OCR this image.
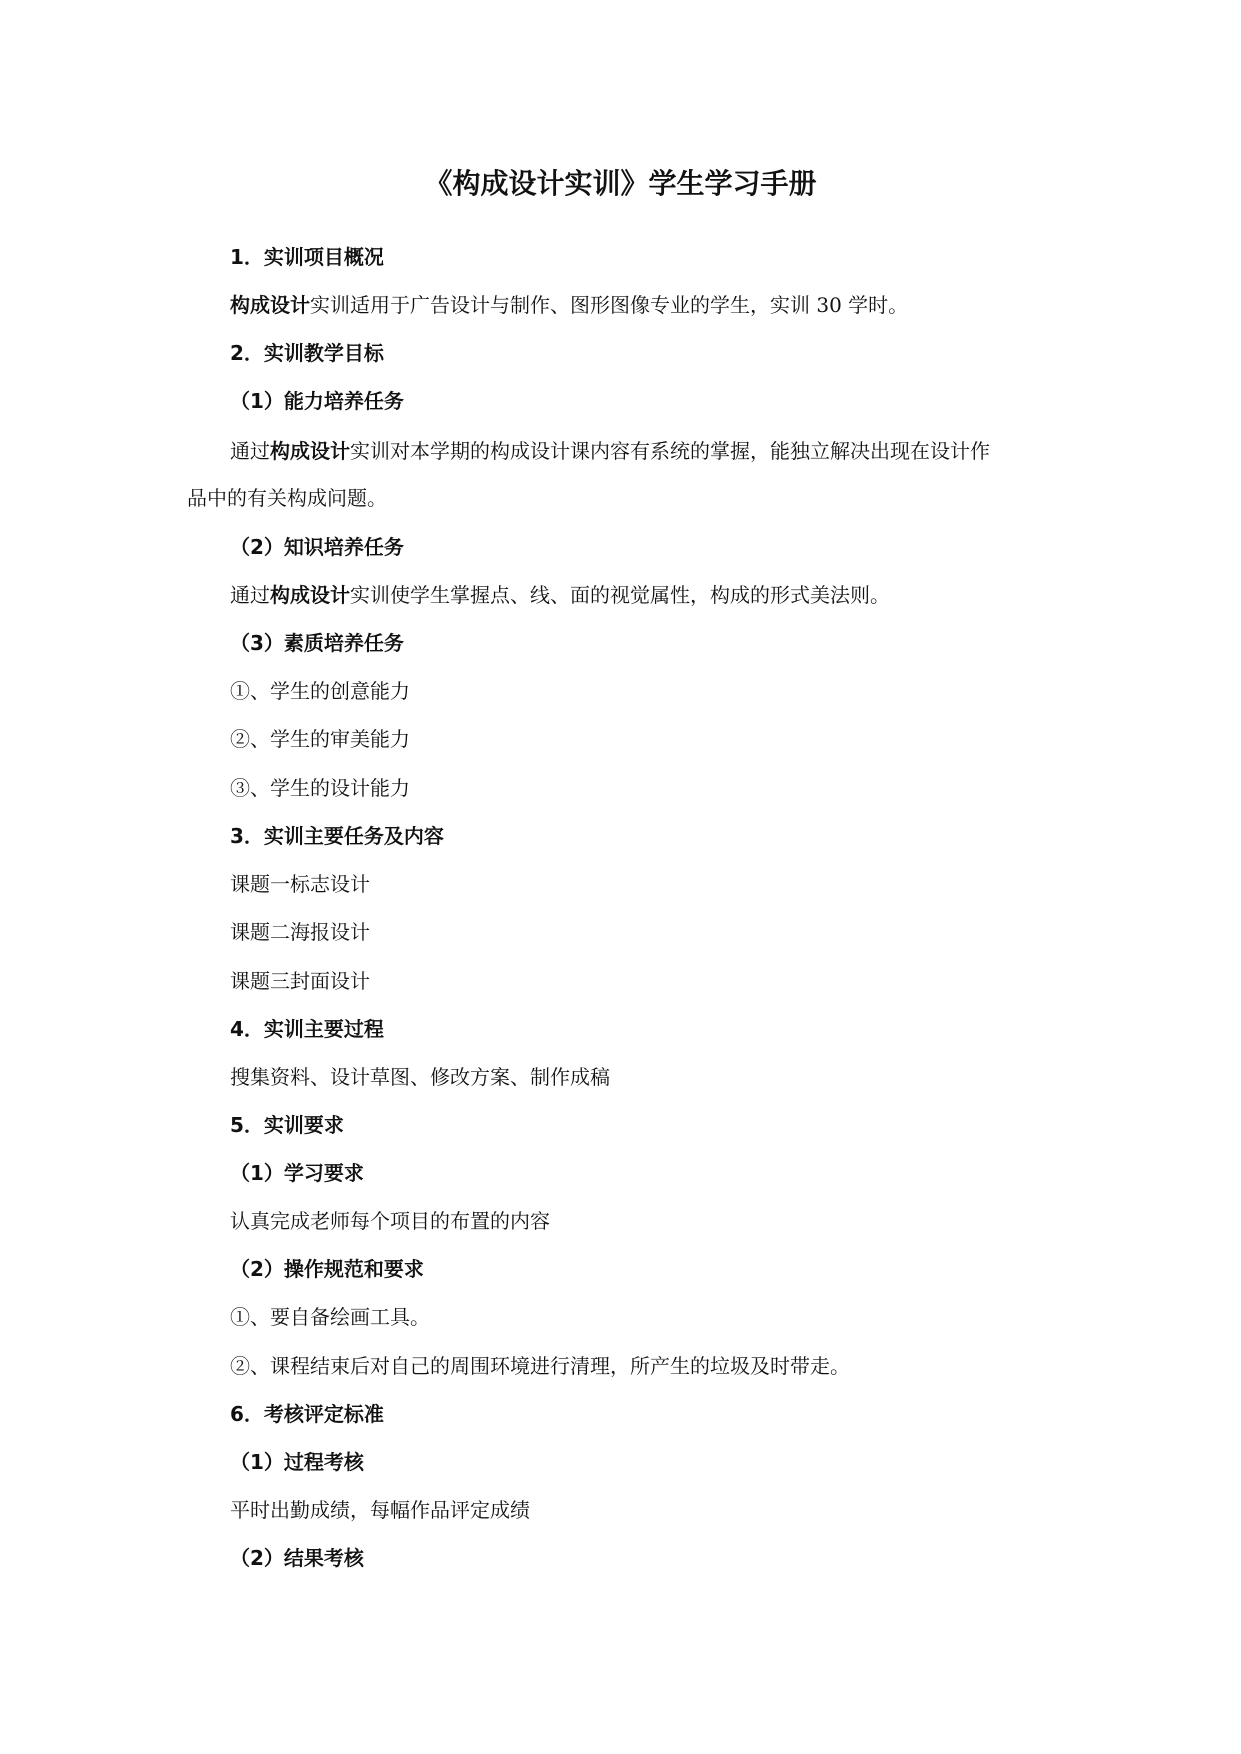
《构成设计实训》学生学习手册
1．实训项目概况
构成设计实训适用于广告设计与制作、图形图像专业的学生，实训 30 学时。
2．实训教学目标
（1）能力培养任务
通过构成设计实训对本学期的构成设计课内容有系统的掌握，能独立解决出现在设计作
品中的有关构成问题。
（2）知识培养任务
通过构成设计实训使学生掌握点、线、面的视觉属性，构成的形式美法则。
（3）素质培养任务
①、学生的创意能力
②、学生的审美能力
③、学生的设计能力
3．实训主要任务及内容
课题一标志设计
课题二海报设计
课题三封面设计
4．实训主要过程
搜集资料、设计草图、修改方案、制作成稿
5．实训要求
（1）学习要求
认真完成老师每个项目的布置的内容
（2）操作规范和要求
①、要自备绘画工具。
②、课程结束后对自己的周围环境进行清理，所产生的垃圾及时带走。
6．考核评定标准
（1）过程考核
平时出勤成绩，每幅作品评定成绩
（2）结果考核
